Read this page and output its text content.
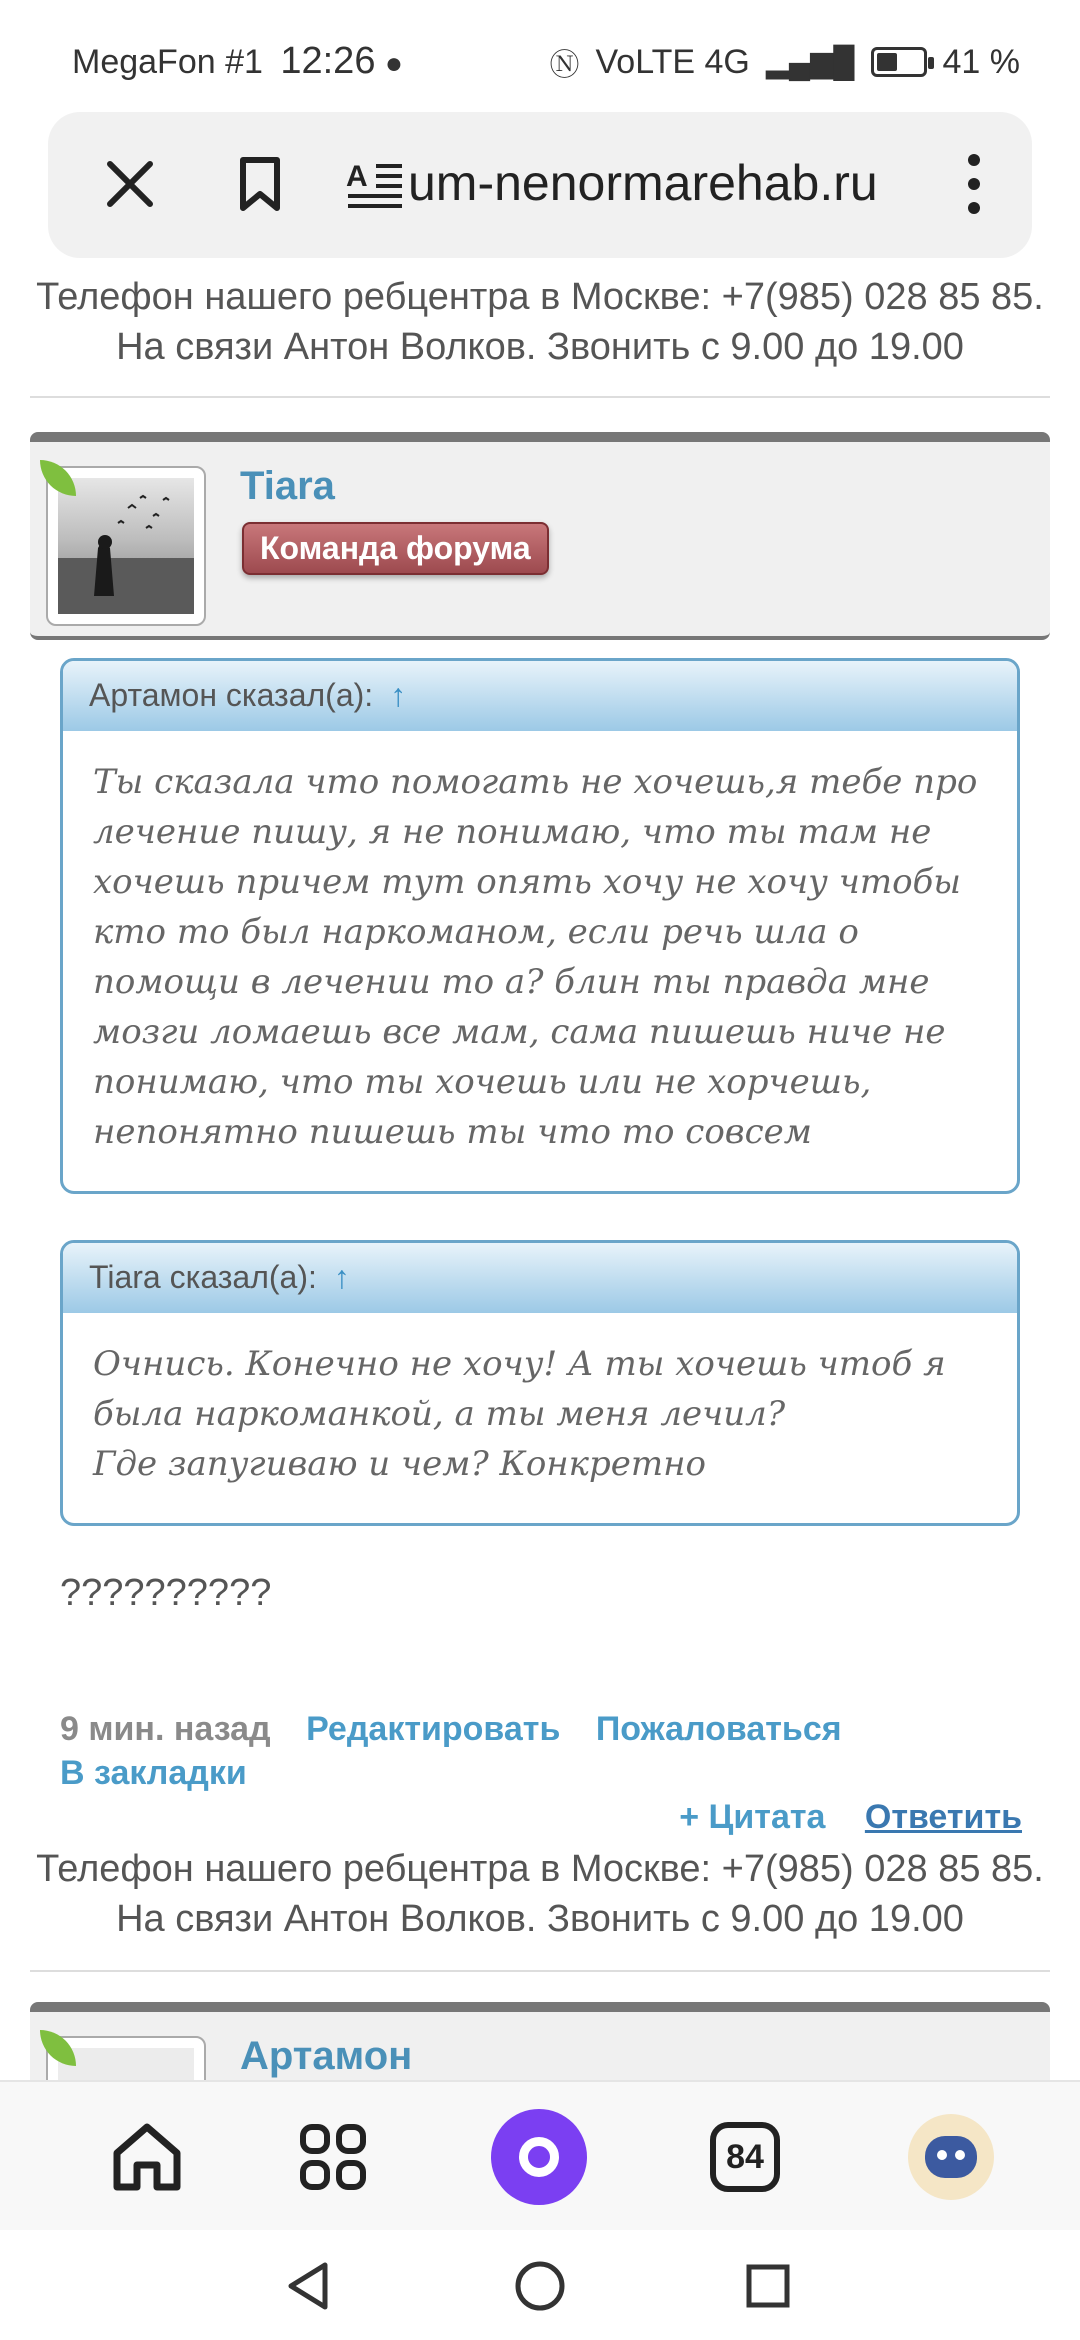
MegaFon #1 12:26 ●	Ⓝ VoLTE 4G ▂▄▆█	41 %
A um-nenormarehab.ru
Телефон нашего ребцентра в Москве: +7(985) 028 85 85. На связи Антон Волков. Звонить с 9.00 до 19.00
Tiara
Команда форума
Артамон сказал(а): ↑
Ты сказала что помогать не хочешь,я тебе про лечение пишу, я не понимаю, что ты там не хочешь причем тут опять хочу не хочу чтобы кто то был наркоманом, если речь шла о помощи в лечении то а? блин ты правда мне мозги ломаешь все мам, сама пишешь ниче не понимаю, что ты хочешь или не хорчешь, непонятно пишешь ты что то совсем
Tiara сказал(а): ↑
Очнись. Конечно не хочу! А ты хочешь чтоб я была наркоманкой, а ты меня лечил?
Где запугиваю и чем? Конкретно
??????????
9 мин. назад Редактировать Пожаловаться
В закладки
+ Цитата Ответить
Телефон нашего ребцентра в Москве: +7(985) 028 85 85. На связи Антон Волков. Звонить с 9.00 до 19.00
Артамон
84
